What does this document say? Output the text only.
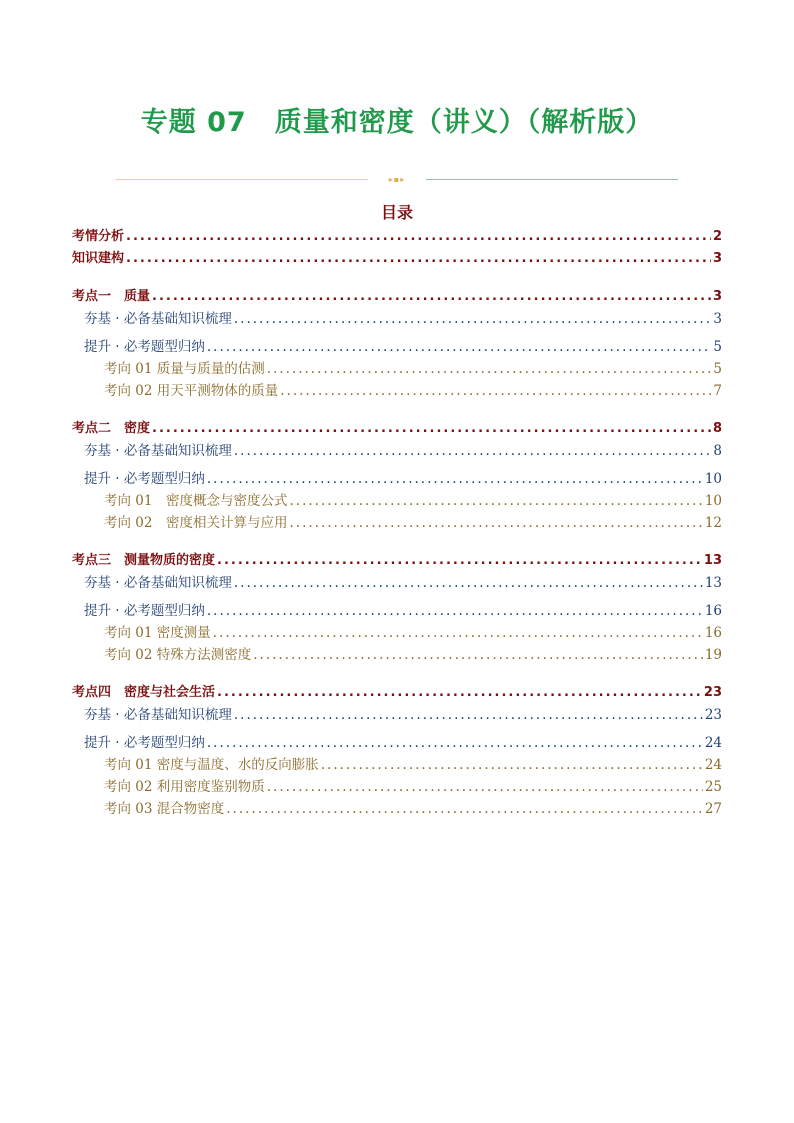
专题 07　质量和密度（讲义）（解析版）
▸▪▸
目录
考情分析 .....	2
知识建构 .....	3
考点一　质量 .....	3
夯基 · 必备基础知识梳理 .....	3
提升 · 必考题型归纳 .....	5
考向 01 质量与质量的估测 .....	5
考向 02 用天平测物体的质量 .....	7
考点二　密度 .....	8
夯基 · 必备基础知识梳理 .....	8
提升 · 必考题型归纳 .....	10
考向 01　密度概念与密度公式 .....	10
考向 02　密度相关计算与应用 .....	12
考点三　测量物质的密度 .....	13
夯基 · 必备基础知识梳理 .....	13
提升 · 必考题型归纳 .....	16
考向 01 密度测量 .....	16
考向 02 特殊方法测密度 .....	19
考点四　密度与社会生活 .....	23
夯基 · 必备基础知识梳理 .....	23
提升 · 必考题型归纳 .....	24
考向 01 密度与温度、水的反向膨胀 .....	24
考向 02 利用密度鉴别物质 .....	25
考向 03 混合物密度 .....	27
